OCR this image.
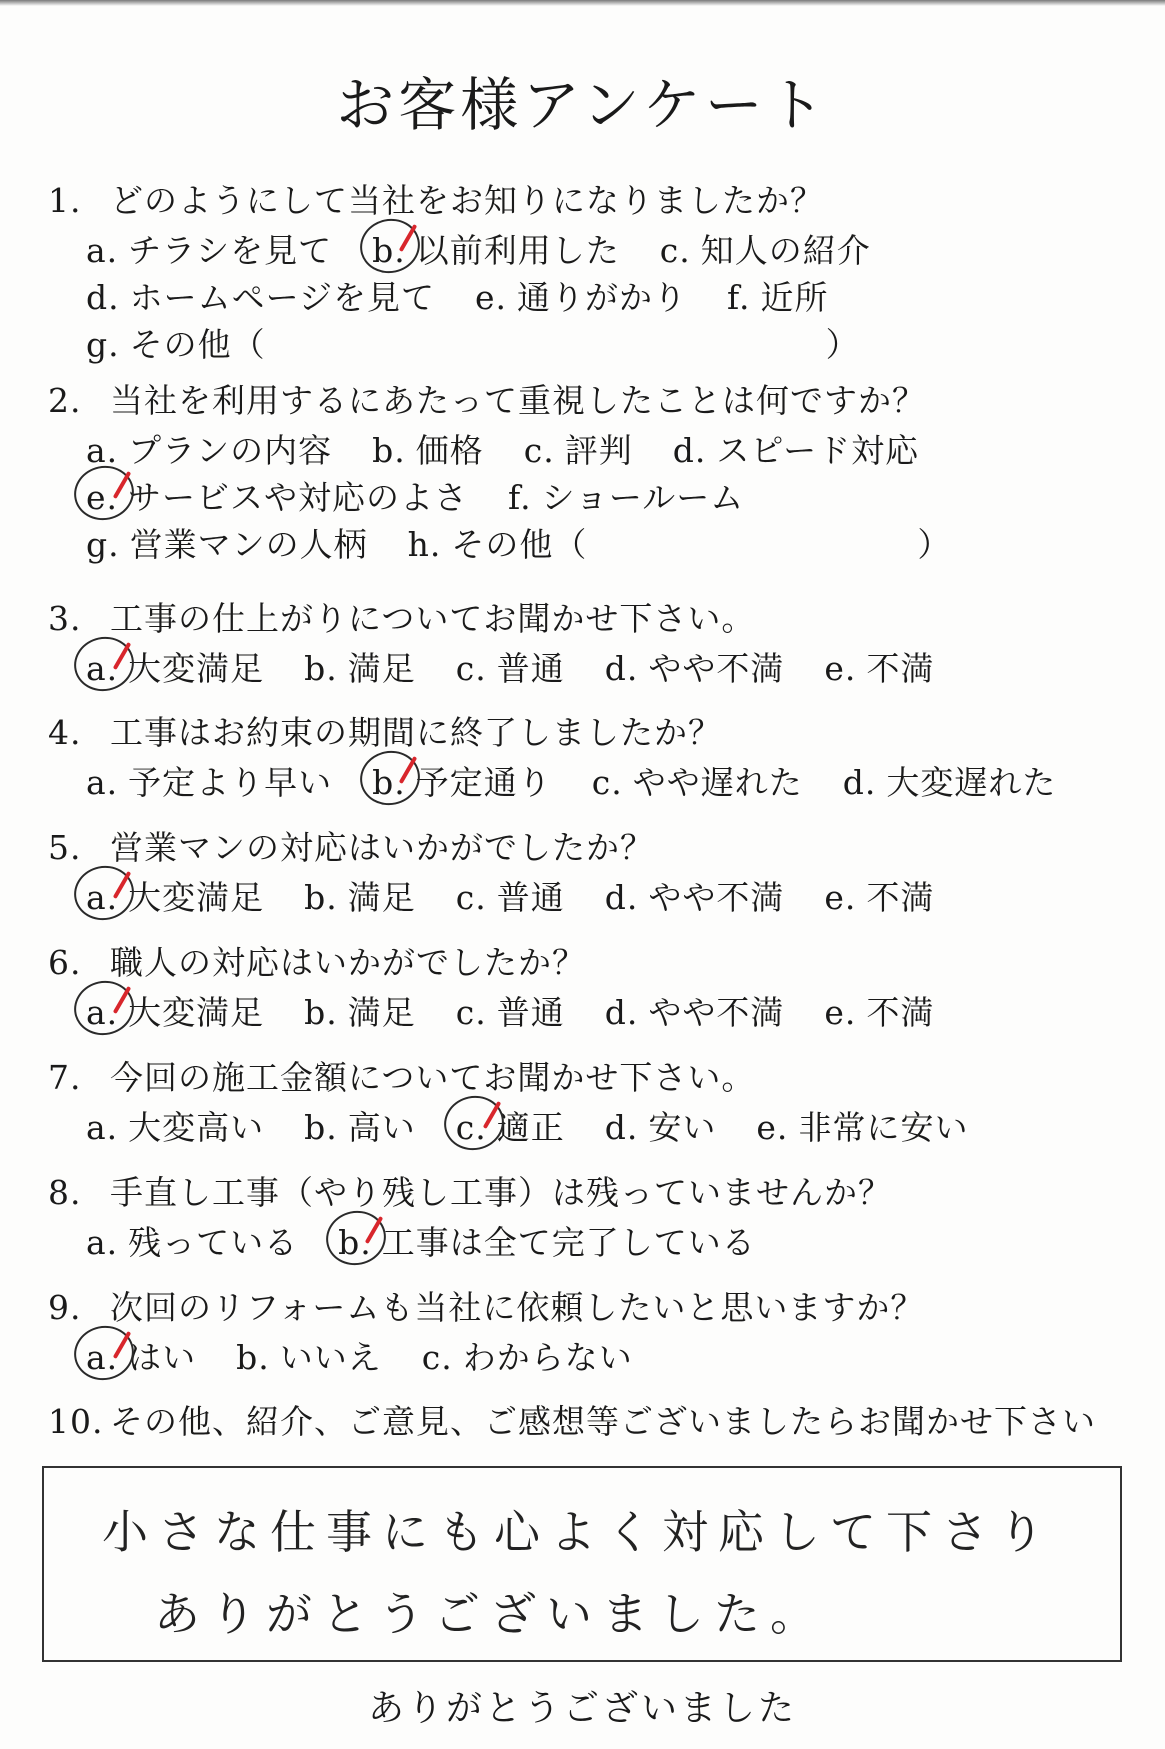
お客様アンケート
1. どのようにして当社をお知りになりましたか？
a. チラシを見て b. 以前利用した c. 知人の紹介
d. ホームページを見て e. 通りがかり f. 近所
g. その他（	）
2. 当社を利用するにあたって重視したことは何ですか？
a. プランの内容 b. 価格 c. 評判 d. スピード対応
e. サービスや対応のよさ f. ショールーム
g. 営業マンの人柄 h. その他（	）
3. 工事の仕上がりについてお聞かせ下さい。
a. 大変満足 b. 満足 c. 普通 d. やや不満 e. 不満
4. 工事はお約束の期間に終了しましたか？
a. 予定より早い b. 予定通り c. やや遅れた d. 大変遅れた
5. 営業マンの対応はいかがでしたか？
a. 大変満足 b. 満足 c. 普通 d. やや不満 e. 不満
6. 職人の対応はいかがでしたか？
a. 大変満足 b. 満足 c. 普通 d. やや不満 e. 不満
7. 今回の施工金額についてお聞かせ下さい。
a. 大変高い b. 高い c. 適正 d. 安い e. 非常に安い
8. 手直し工事（やり残し工事）は残っていませんか？
a. 残っている b. 工事は全て完了している
9. 次回のリフォームも当社に依頼したいと思いますか？
a. はい b. いいえ c. わからない
10. その他、紹介、ご意見、ご感想等ございましたらお聞かせ下さい
小さな仕事にも心よく対応して下さり
ありがとうございました。
ありがとうございました
